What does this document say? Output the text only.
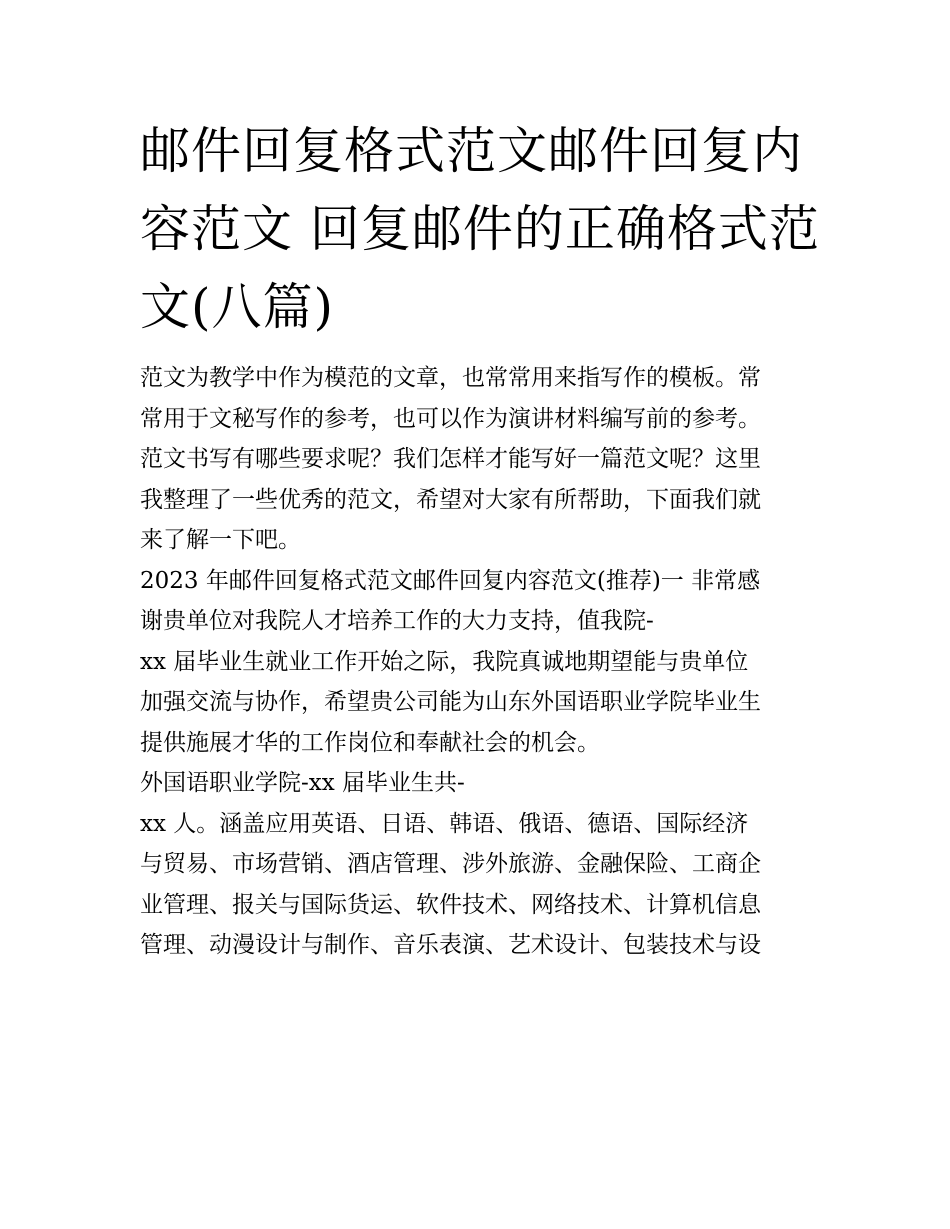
邮件回复格式范文邮件回复内
容范文 回复邮件的正确格式范
文(八篇)
范文为教学中作为模范的文章，也常常用来指写作的模板。常
常用于文秘写作的参考，也可以作为演讲材料编写前的参考。
范文书写有哪些要求呢？我们怎样才能写好一篇范文呢？这里
我整理了一些优秀的范文，希望对大家有所帮助，下面我们就
来了解一下吧。
2023 年邮件回复格式范文邮件回复内容范文(推荐)一 非常感
谢贵单位对我院人才培养工作的大力支持，值我院-
xx 届毕业生就业工作开始之际，我院真诚地期望能与贵单位
加强交流与协作，希望贵公司能为山东外国语职业学院毕业生
提供施展才华的工作岗位和奉献社会的机会。
外国语职业学院-xx 届毕业生共-
xx 人。涵盖应用英语、日语、韩语、俄语、德语、国际经济
与贸易、市场营销、酒店管理、涉外旅游、金融保险、工商企
业管理、报关与国际货运、软件技术、网络技术、计算机信息
管理、动漫设计与制作、音乐表演、艺术设计、包装技术与设
